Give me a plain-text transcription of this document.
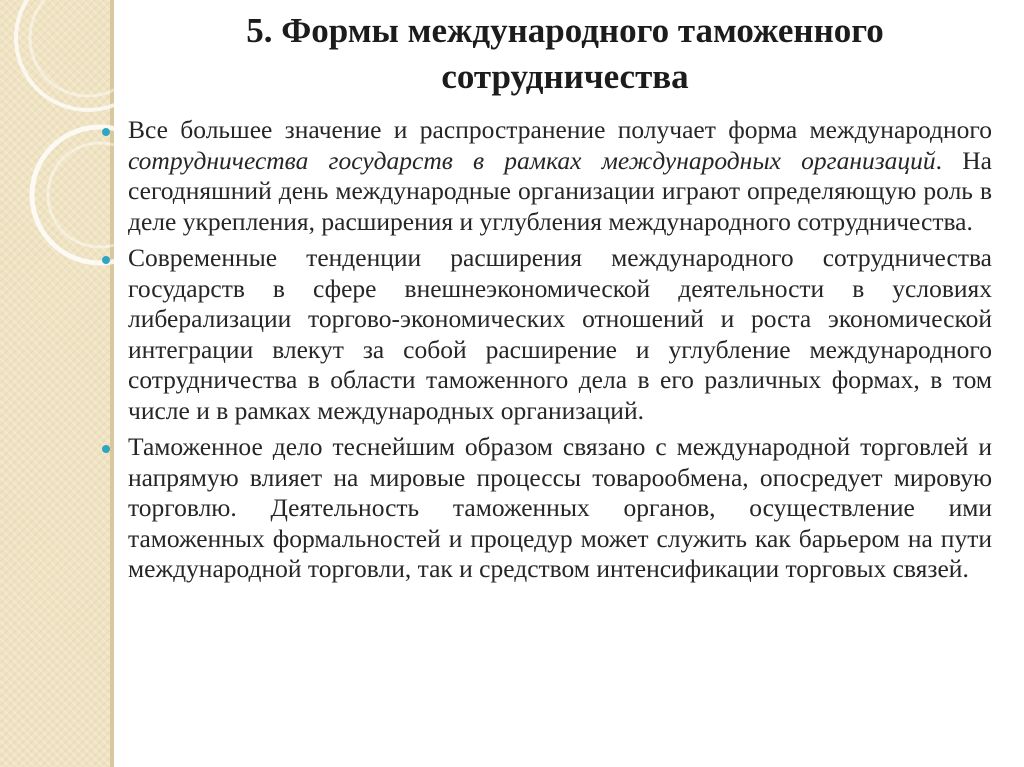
5. Формы международного таможенного
сотрудничества
Все большее значение и распространение получает форма международного сотрудничества государств в рамках международных организаций. На сегодняшний день международные организации играют определяющую роль в деле укрепления, расширения и углубления международного сотрудничества.
Современные тенденции расширения международного сотрудничества государств в сфере внешнеэкономической деятельности в условиях либерализации торгово-экономических отношений и роста экономической интеграции влекут за собой расширение и углубление международного сотрудничества в области таможенного дела в его различных формах, в том числе и в рамках международных организаций.
Таможенное дело теснейшим образом связано с международной торговлей и напрямую влияет на мировые процессы товарообмена, опосредует мировую торговлю. Деятельность таможенных органов, осуществление ими таможенных формальностей и процедур может служить как барьером на пути международной торговли, так и средством интенсификации торговых связей.
